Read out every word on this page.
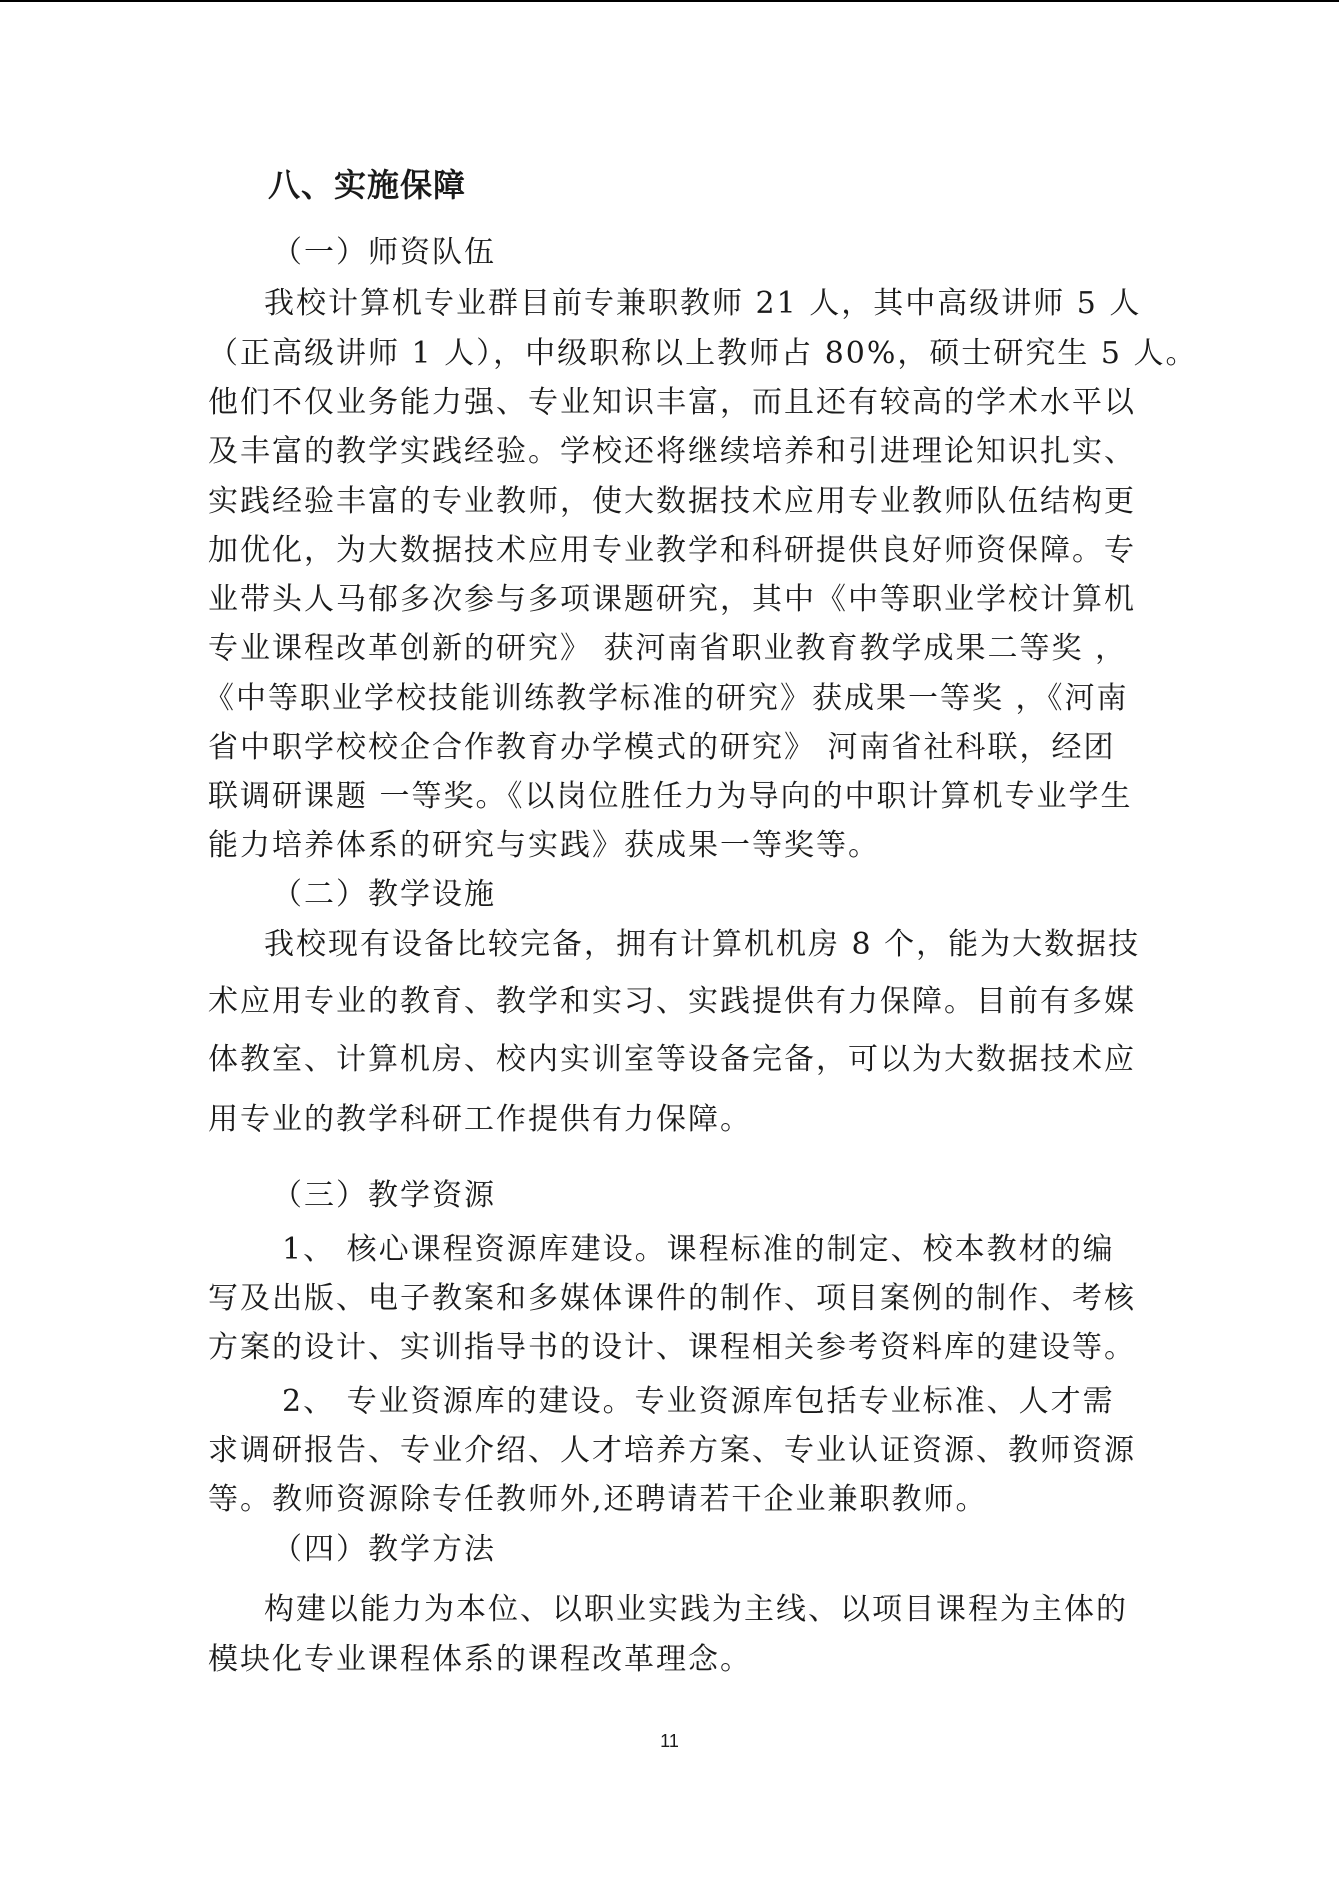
八、实施保障
（一）师资队伍
我校计算机专业群目前专兼职教师 21 人，其中高级讲师 5 人
（正高级讲师 1 人），中级职称以上教师占 80%，硕士研究生 5 人。
他们不仅业务能力强、专业知识丰富，而且还有较高的学术水平以
及丰富的教学实践经验。学校还将继续培养和引进理论知识扎实、
实践经验丰富的专业教师，使大数据技术应用专业教师队伍结构更
加优化，为大数据技术应用专业教学和科研提供良好师资保障。专
业带头人马郁多次参与多项课题研究，其中《中等职业学校计算机
专业课程改革创新的研究》 获河南省职业教育教学成果二等奖 ，
《中等职业学校技能训练教学标准的研究》获成果一等奖 ，《河南
省中职学校校企合作教育办学模式的研究》 河南省社科联，经团
联调研课题 一等奖。《以岗位胜任力为导向的中职计算机专业学生
能力培养体系的研究与实践》获成果一等奖等。
（二）教学设施
我校现有设备比较完备，拥有计算机机房 8 个，能为大数据技
术应用专业的教育、教学和实习、实践提供有力保障。目前有多媒
体教室、计算机房、校内实训室等设备完备，可以为大数据技术应
用专业的教学科研工作提供有力保障。
（三）教学资源
1、 核心课程资源库建设。课程标准的制定、校本教材的编
写及出版、电子教案和多媒体课件的制作、项目案例的制作、考核
方案的设计、实训指导书的设计、课程相关参考资料库的建设等。
2、 专业资源库的建设。专业资源库包括专业标准、人才需
求调研报告、专业介绍、人才培养方案、专业认证资源、教师资源
等。教师资源除专任教师外,还聘请若干企业兼职教师。
（四）教学方法
构建以能力为本位、以职业实践为主线、以项目课程为主体的
模块化专业课程体系的课程改革理念。
11
